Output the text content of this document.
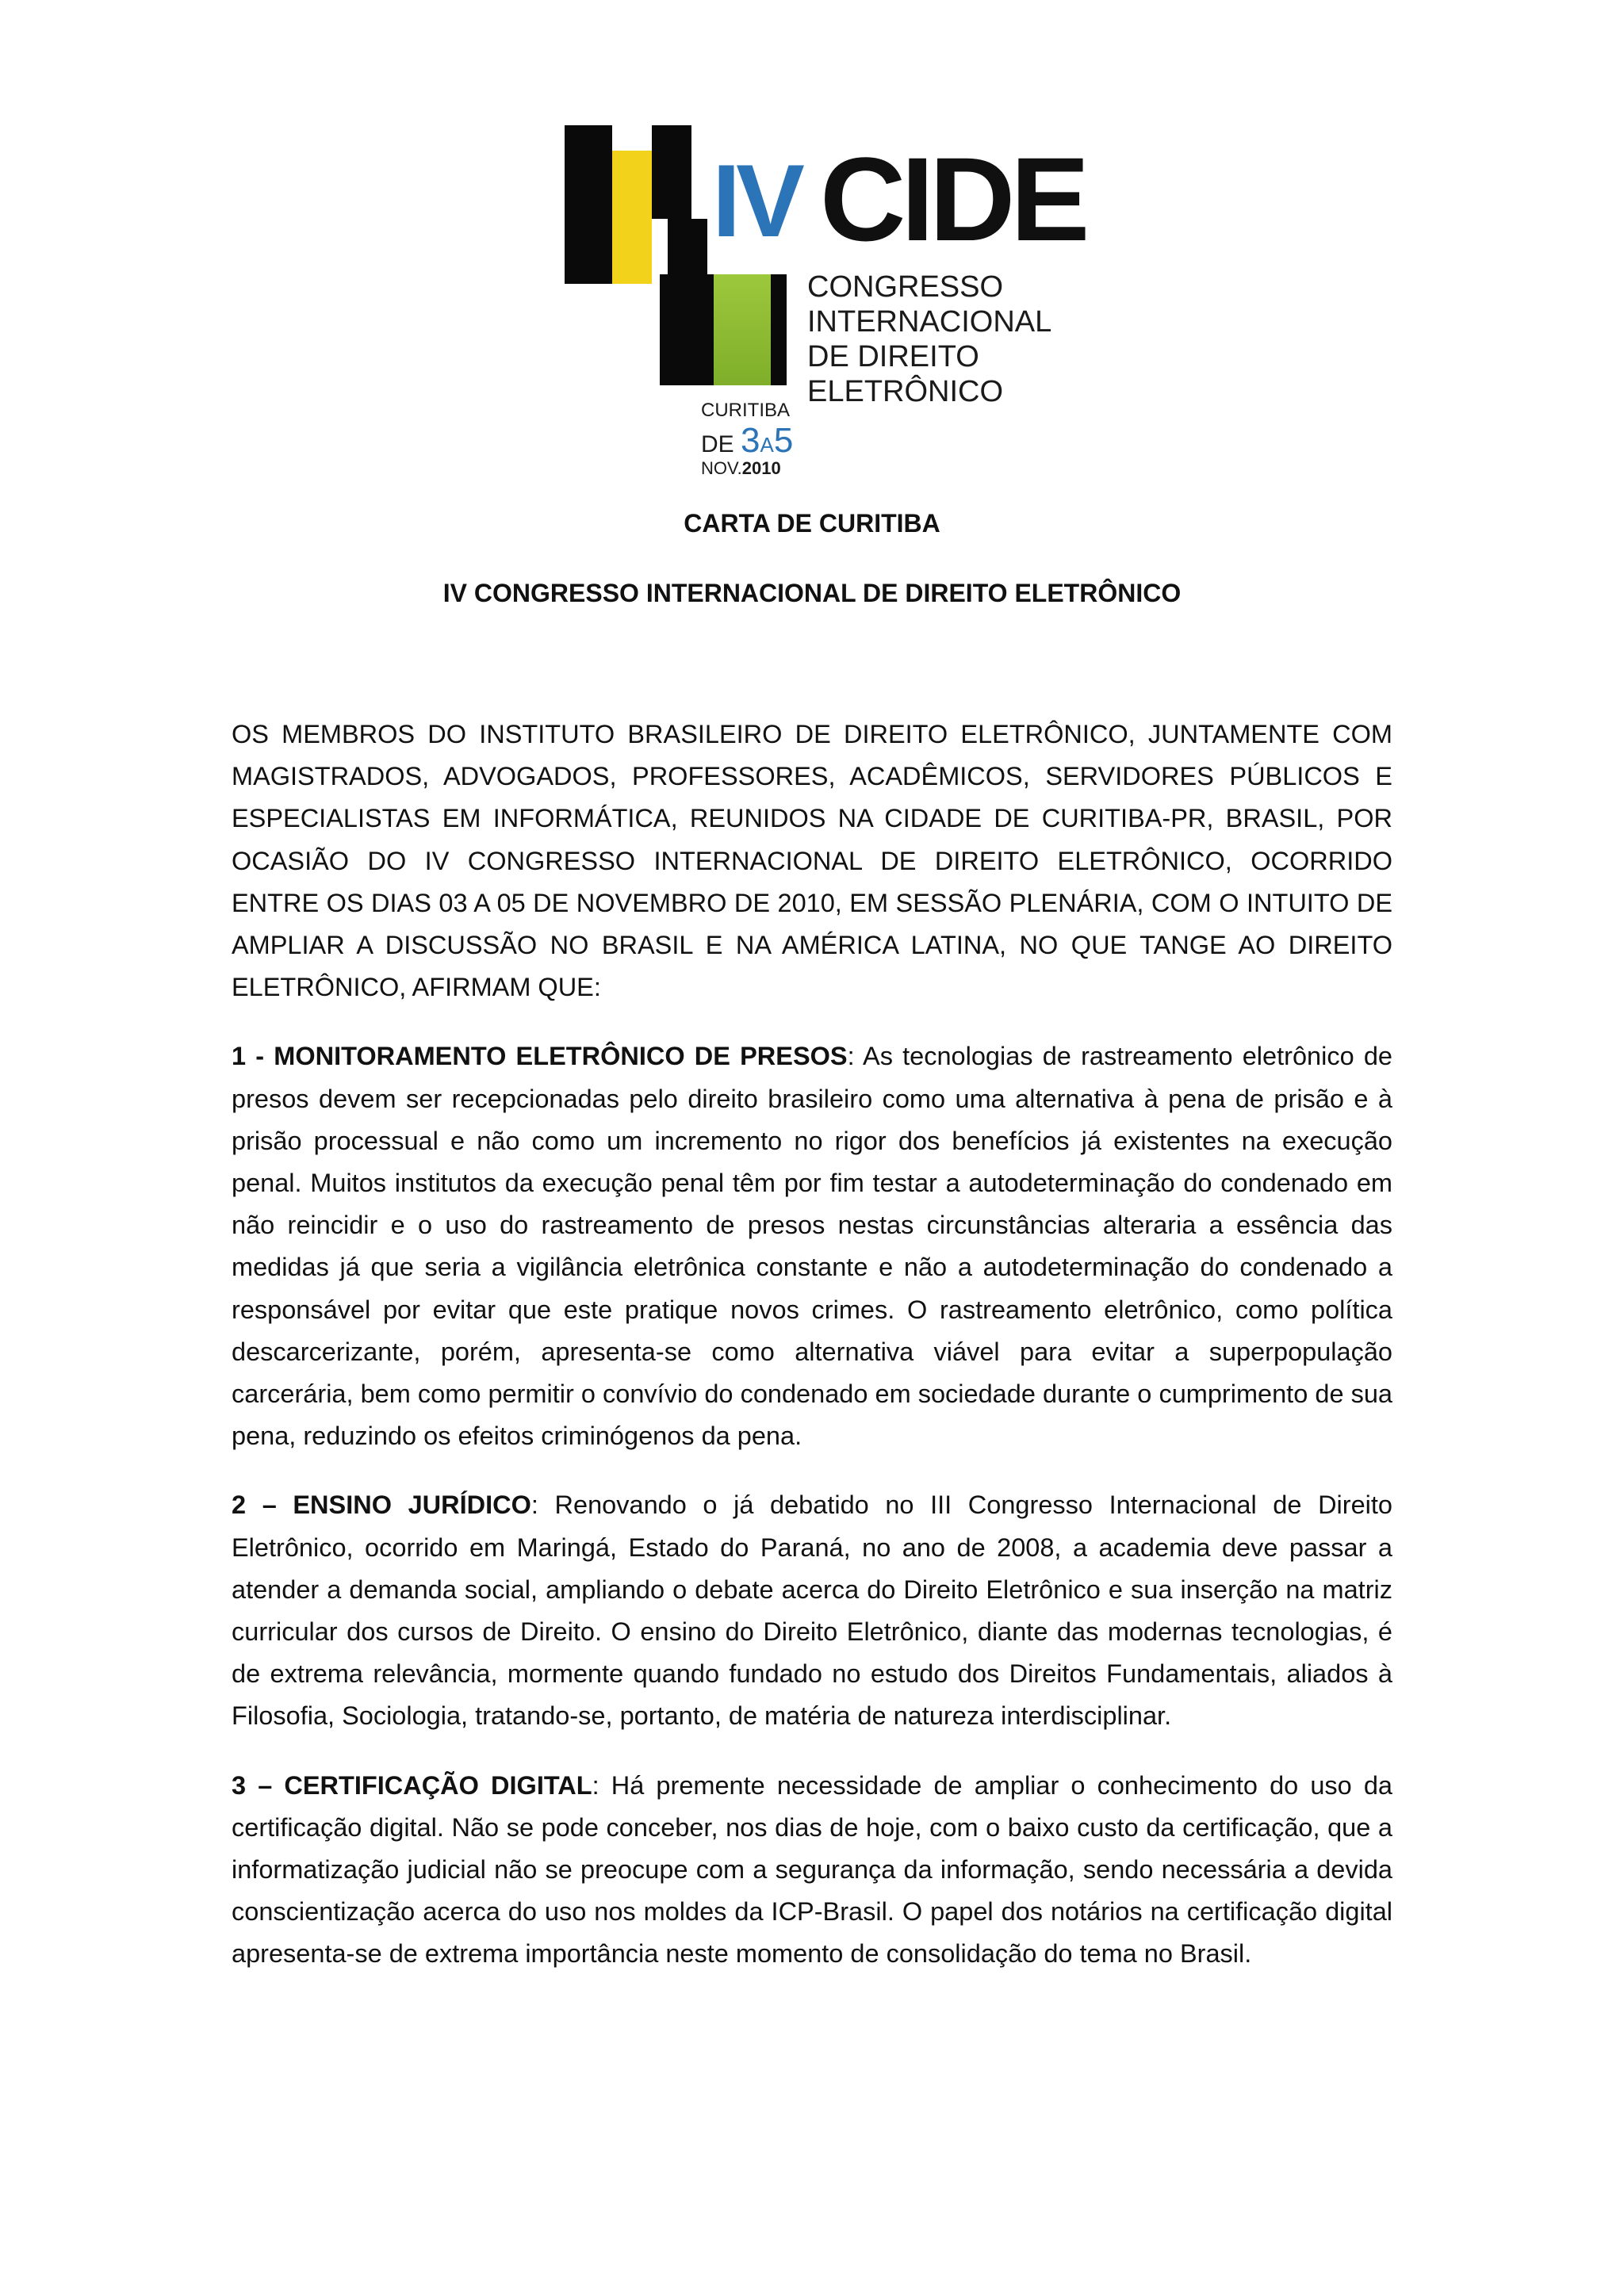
IV CIDE
CONGRESSO
INTERNACIONAL
DE DIREITO
ELETRÔNICO
CURITIBA
DE 3A5
NOV.2010
CARTA DE CURITIBA
IV CONGRESSO INTERNACIONAL DE DIREITO ELETRÔNICO

OS MEMBROS DO INSTITUTO BRASILEIRO DE DIREITO ELETRÔNICO, JUNTAMENTE COM MAGISTRADOS, ADVOGADOS, PROFESSORES, ACADÊMICOS, SERVIDORES PÚBLICOS E ESPECIALISTAS EM INFORMÁTICA, REUNIDOS NA CIDADE DE CURITIBA-PR, BRASIL, POR OCASIÃO DO IV CONGRESSO INTERNACIONAL DE DIREITO ELETRÔNICO, OCORRIDO ENTRE OS DIAS 03 A 05 DE NOVEMBRO DE 2010, EM SESSÃO PLENÁRIA, COM O INTUITO DE AMPLIAR A DISCUSSÃO NO BRASIL E NA AMÉRICA LATINA, NO QUE TANGE AO DIREITO ELETRÔNICO, AFIRMAM QUE:

1 - MONITORAMENTO ELETRÔNICO DE PRESOS: As tecnologias de rastreamento eletrônico de presos devem ser recepcionadas pelo direito brasileiro como uma alternativa à pena de prisão e à prisão processual e não como um incremento no rigor dos benefícios já existentes na execução penal. Muitos institutos da execução penal têm por fim testar a autodeterminação do condenado em não reincidir e o uso do rastreamento de presos nestas circunstâncias alteraria a essência das medidas já que seria a vigilância eletrônica constante e não a autodeterminação do condenado a responsável por evitar que este pratique novos crimes. O rastreamento eletrônico, como política descarcerizante, porém, apresenta-se como alternativa viável para evitar a superpopulação carcerária, bem como permitir o convívio do condenado em sociedade durante o cumprimento de sua pena, reduzindo os efeitos criminógenos da pena.

2 – ENSINO JURÍDICO: Renovando o já debatido no III Congresso Internacional de Direito Eletrônico, ocorrido em Maringá, Estado do Paraná, no ano de 2008, a academia deve passar a atender a demanda social, ampliando o debate acerca do Direito Eletrônico e sua inserção na matriz curricular dos cursos de Direito. O ensino do Direito Eletrônico, diante das modernas tecnologias, é de extrema relevância, mormente quando fundado no estudo dos Direitos Fundamentais, aliados à Filosofia, Sociologia, tratando-se, portanto, de matéria de natureza interdisciplinar.

3 – CERTIFICAÇÃO DIGITAL: Há premente necessidade de ampliar o conhecimento do uso da certificação digital. Não se pode conceber, nos dias de hoje, com o baixo custo da certificação, que a informatização judicial não se preocupe com a segurança da informação, sendo necessária a devida conscientização acerca do uso nos moldes da ICP-Brasil. O papel dos notários na certificação digital apresenta-se de extrema importância neste momento de consolidação do tema no Brasil.
